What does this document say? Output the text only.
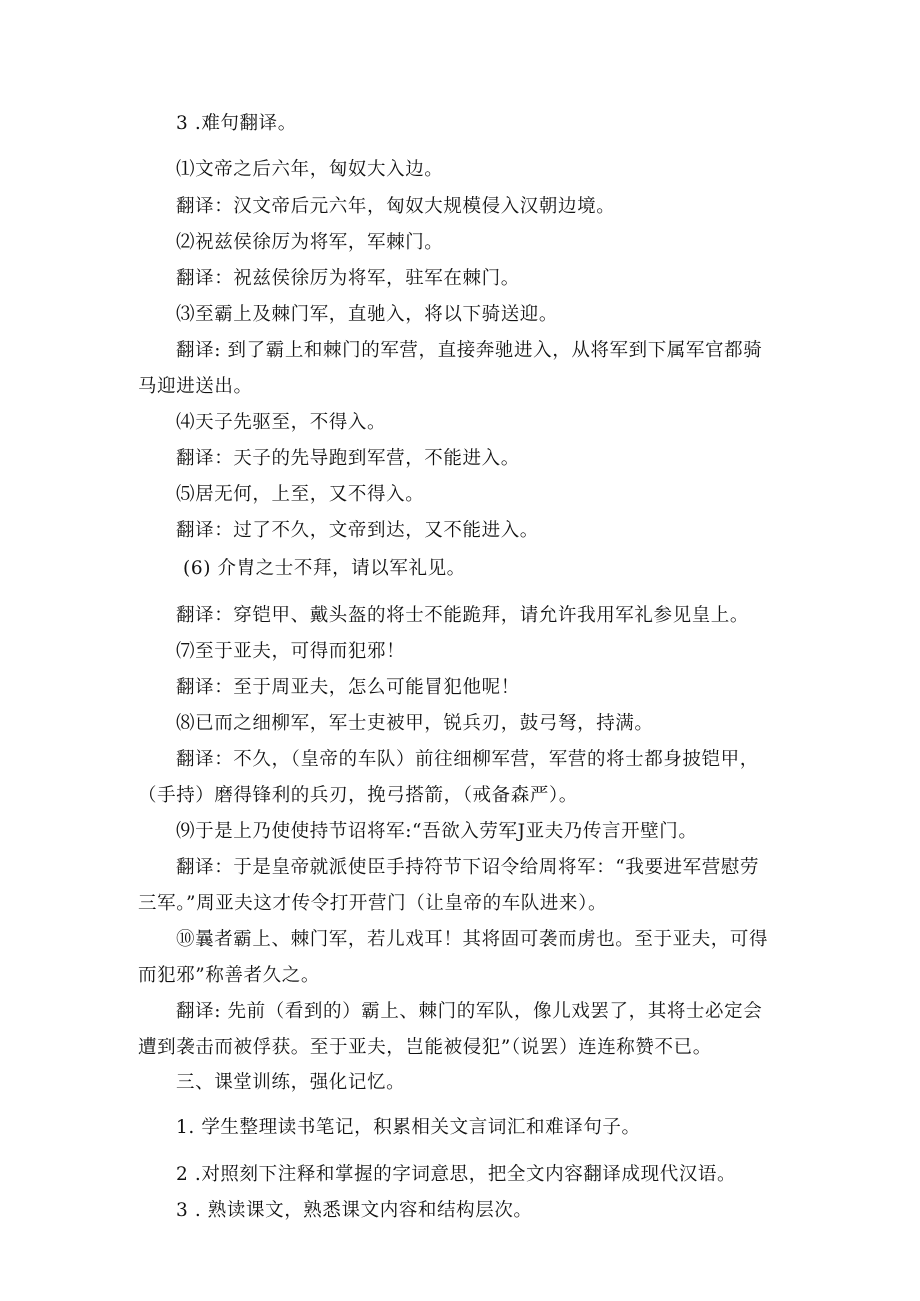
3 .难句翻译。
⑴文帝之后六年，匈奴大入边。
翻译：汉文帝后元六年，匈奴大规模侵入汉朝边境。
⑵祝兹侯徐厉为将军，军棘门。
翻译：祝兹侯徐厉为将军，驻军在棘门。
⑶至霸上及棘门军，直驰入，将以下骑送迎。
翻译: 到了霸上和棘门的军营，直接奔驰进入，从将军到下属军官都骑
马迎进送出。
⑷天子先驱至，不得入。
翻译：天子的先导跑到军营，不能进入。
⑸居无何，上至，又不得入。
翻译：过了不久，文帝到达，又不能进入。
(6) 介胄之士不拜，请以军礼见。
翻译：穿铠甲、戴头盔的将士不能跪拜，请允许我用军礼参见皇上。
⑺至于亚夫，可得而犯邪！
翻译：至于周亚夫，怎么可能冒犯他呢！
⑻已而之细柳军，军士吏被甲，锐兵刃，鼓弓弩，持满。
翻译：不久，（皇帝的车队）前往细柳军营，军营的将士都身披铠甲，
（手持）磨得锋利的兵刃，挽弓搭箭，（戒备森严）。
⑼于是上乃使使持节诏将军:“吾欲入劳军J亚夫乃传言开壁门。
翻译：于是皇帝就派使臣手持符节下诏令给周将军：“我要进军营慰劳
三军。”周亚夫这才传令打开营门（让皇帝的车队进来）。
⑩曩者霸上、棘门军，若儿戏耳！其将固可袭而虏也。至于亚夫，可得
而犯邪”称善者久之。
翻译: 先前（看到的）霸上、棘门的军队，像儿戏罢了，其将士必定会
遭到袭击而被俘获。至于亚夫，岂能被侵犯”（说罢）连连称赞不已。
三、课堂训练，强化记忆。
1. 学生整理读书笔记，积累相关文言词汇和难译句子。
2 .对照刻下注释和掌握的字词意思，把全文内容翻译成现代汉语。
3 . 熟读课文，熟悉课文内容和结构层次。
